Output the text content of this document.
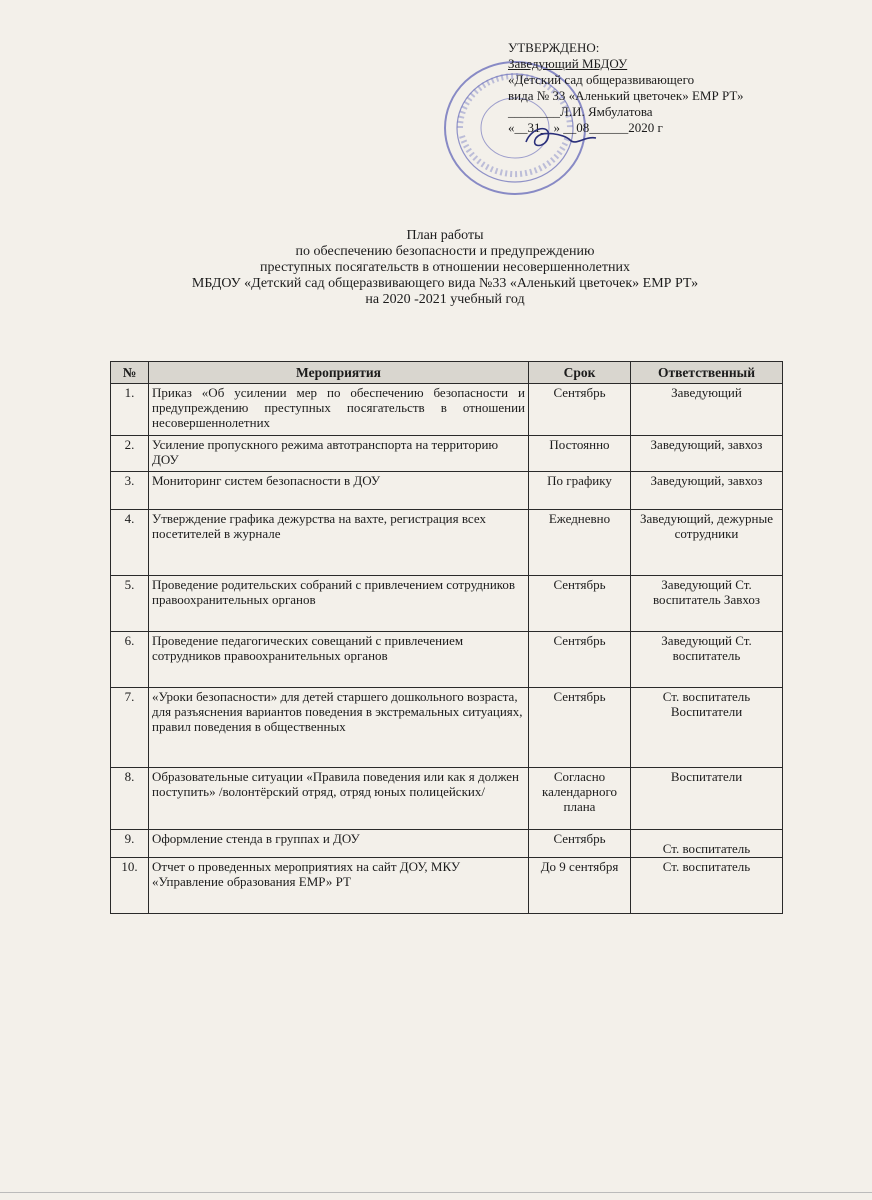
УТВЕРЖДЕНО:
Заведующий МБДОУ
«Детский сад общеразвивающего
вида № 33 «Аленький цветочек» ЕМР РТ»
________Л.И. Ямбулатова
«__31__» __08______2020 г
План работы
по обеспечению безопасности и предупреждению
преступных посягательств в отношении несовершеннолетних
МБДОУ «Детский сад общеразвивающего вида №33 «Аленький цветочек» ЕМР РТ»
на 2020 -2021 учебный год
№	Мероприятия	Срок	Ответственный
1.	Приказ «Об усилении мер по обеспечению безопасности и предупреждению преступных посягательств в отношении несовершеннолетних	Сентябрь	Заведующий
2.	Усиление пропускного режима автотранспорта на территорию ДОУ	Постоянно	Заведующий, завхоз
3.	Мониторинг систем безопасности в ДОУ	По графику	Заведующий, завхоз
4.	Утверждение графика дежурства на вахте, регистрация всех посетителей в журнале	Ежедневно	Заведующий, дежурные сотрудники
5.	Проведение родительских собраний с привлечением сотрудников правоохранительных органов	Сентябрь	Заведующий Ст. воспитатель Завхоз
6.	Проведение педагогических совещаний с привлечением сотрудников правоохранительных органов	Сентябрь	Заведующий Ст. воспитатель
7.	«Уроки безопасности» для детей старшего дошкольного возраста, для разъяснения вариантов поведения в экстремальных ситуациях, правил поведения в общественных	Сентябрь	Ст. воспитатель Воспитатели
8.	Образовательные ситуации «Правила поведения или как я должен поступить» /волонтёрский отряд, отряд юных полицейских/	Согласно календарного плана	Воспитатели
9.	Оформление стенда в группах и ДОУ	Сентябрь	Ст. воспитатель
10.	Отчет о проведенных мероприятиях на сайт ДОУ, МКУ «Управление образования ЕМР» РТ	До 9 сентября	Ст. воспитатель
